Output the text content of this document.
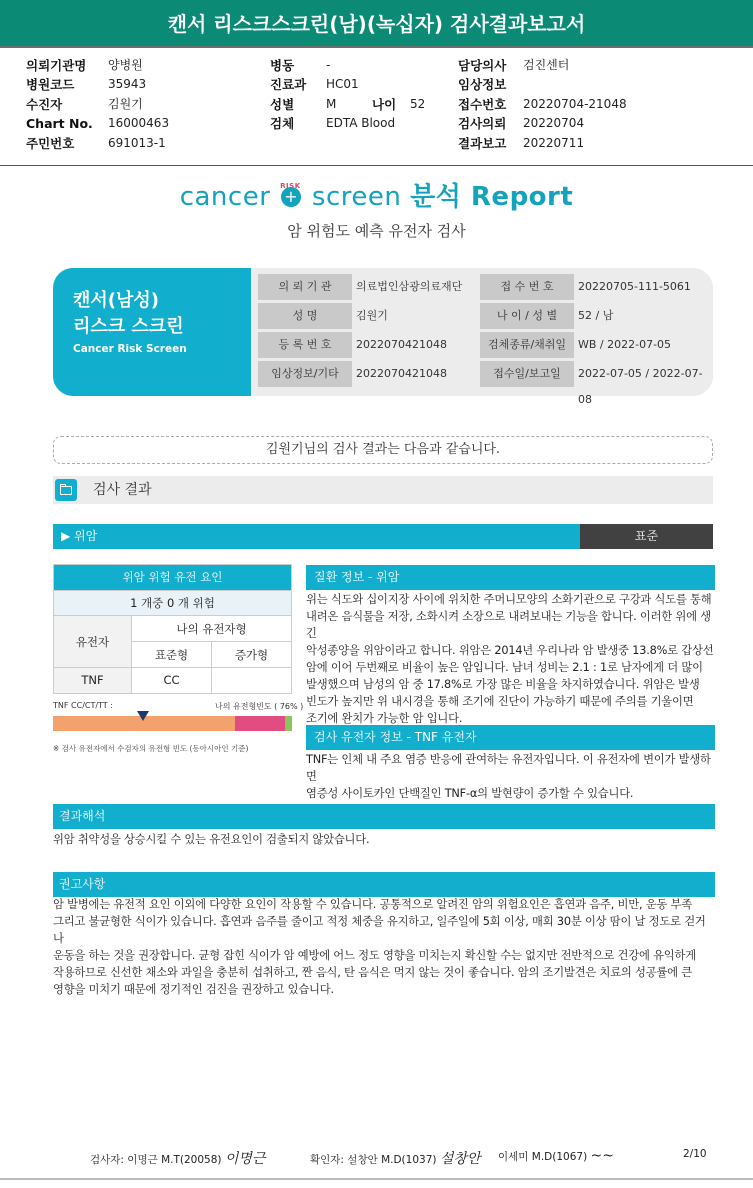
캔서 리스크스크린(남)(녹십자) 검사결과보고서
의뢰기관명	양병원
병원코드	35943
수진자	김원기
Chart No.	16000463
주민번호	691013-1
병동	-
진료과	HC01
성별	M	나이	52
검체	EDTA Blood
담당의사	검진센터
임상정보
접수번호	20220704-21048
검사의뢰	20220704
결과보고	20220711
cancer +
RISK screen 분석 Report
암 위험도 예측 유전자 검사
캔서(남성)
리스크 스크린
Cancer Risk Screen
의 뢰 기 관	의료법인삼광의료재단	접 수 번 호	20220705-111-5061
성 명	김원기	나 이 / 성 별	52 / 남
등 록 번 호	2022070421048	검체종류/채취일	WB / 2022-07-05
임상정보/기타	2022070421048	접수일/보고일	2022-07-05 / 2022-07-08
김원기님의 검사 결과는 다음과 같습니다.
검사 결과
▶ 위암	표준
위암 위험 유전 요인		
1 개중 0 개 위험		
유전자	나의 유전자형	
	표준형	증가형
TNF	CC	
TNF CC/CT/TT :	나의 유전형빈도 ( 76% )
※ 검사 유전자에서 수검자의 유전형 빈도 (동아시아인 기준)
질환 정보 - 위암
위는 식도와 십이지장 사이에 위치한 주머니모양의 소화기관으로 구강과 식도를 통해
내려온 음식물을 저장, 소화시켜 소장으로 내려보내는 기능을 합니다. 이러한 위에 생긴
악성종양을 위암이라고 합니다. 위암은 2014년 우리나라 암 발생중 13.8%로 갑상선
암에 이어 두번째로 비율이 높은 암입니다. 남녀 성비는 2.1 : 1로 남자에게 더 많이
발생했으며 남성의 암 중 17.8%로 가장 많은 비율을 차지하였습니다. 위암은 발생
빈도가 높지만 위 내시경을 통해 조기에 진단이 가능하기 때문에 주의를 기울이면
조기에 완치가 가능한 암 입니다.
검사 유전자 정보 - TNF 유전자
TNF는 인체 내 주요 염증 반응에 관여하는 유전자입니다. 이 유전자에 변이가 발생하면
염증성 사이토카인 단백질인 TNF-α의 발현량이 증가할 수 있습니다.
결과해석
위암 취약성을 상승시킬 수 있는 유전요인이 검출되지 않았습니다.
권고사항
암 발병에는 유전적 요인 이외에 다양한 요인이 작용할 수 있습니다. 공통적으로 알려진 암의 위험요인은 흡연과 음주, 비만, 운동 부족
그리고 불균형한 식이가 있습니다. 흡연과 음주를 줄이고 적정 체중을 유지하고, 일주일에 5회 이상, 매회 30분 이상 땀이 날 정도로 걷거나
운동을 하는 것을 권장합니다. 균형 잡힌 식이가 암 예방에 어느 정도 영향을 미치는지 확신할 수는 없지만 전반적으로 건강에 유익하게
작용하므로 신선한 채소와 과일을 충분히 섭취하고, 짠 음식, 탄 음식은 먹지 않는 것이 좋습니다. 암의 조기발견은 치료의 성공률에 큰
영향을 미치기 때문에 정기적인 검진을 권장하고 있습니다.
검사자: 이명근 M.T(20058) 이명근	확인자: 설창안 M.D(1037) 설창안 이세미 M.D(1067) ~~	2/10
